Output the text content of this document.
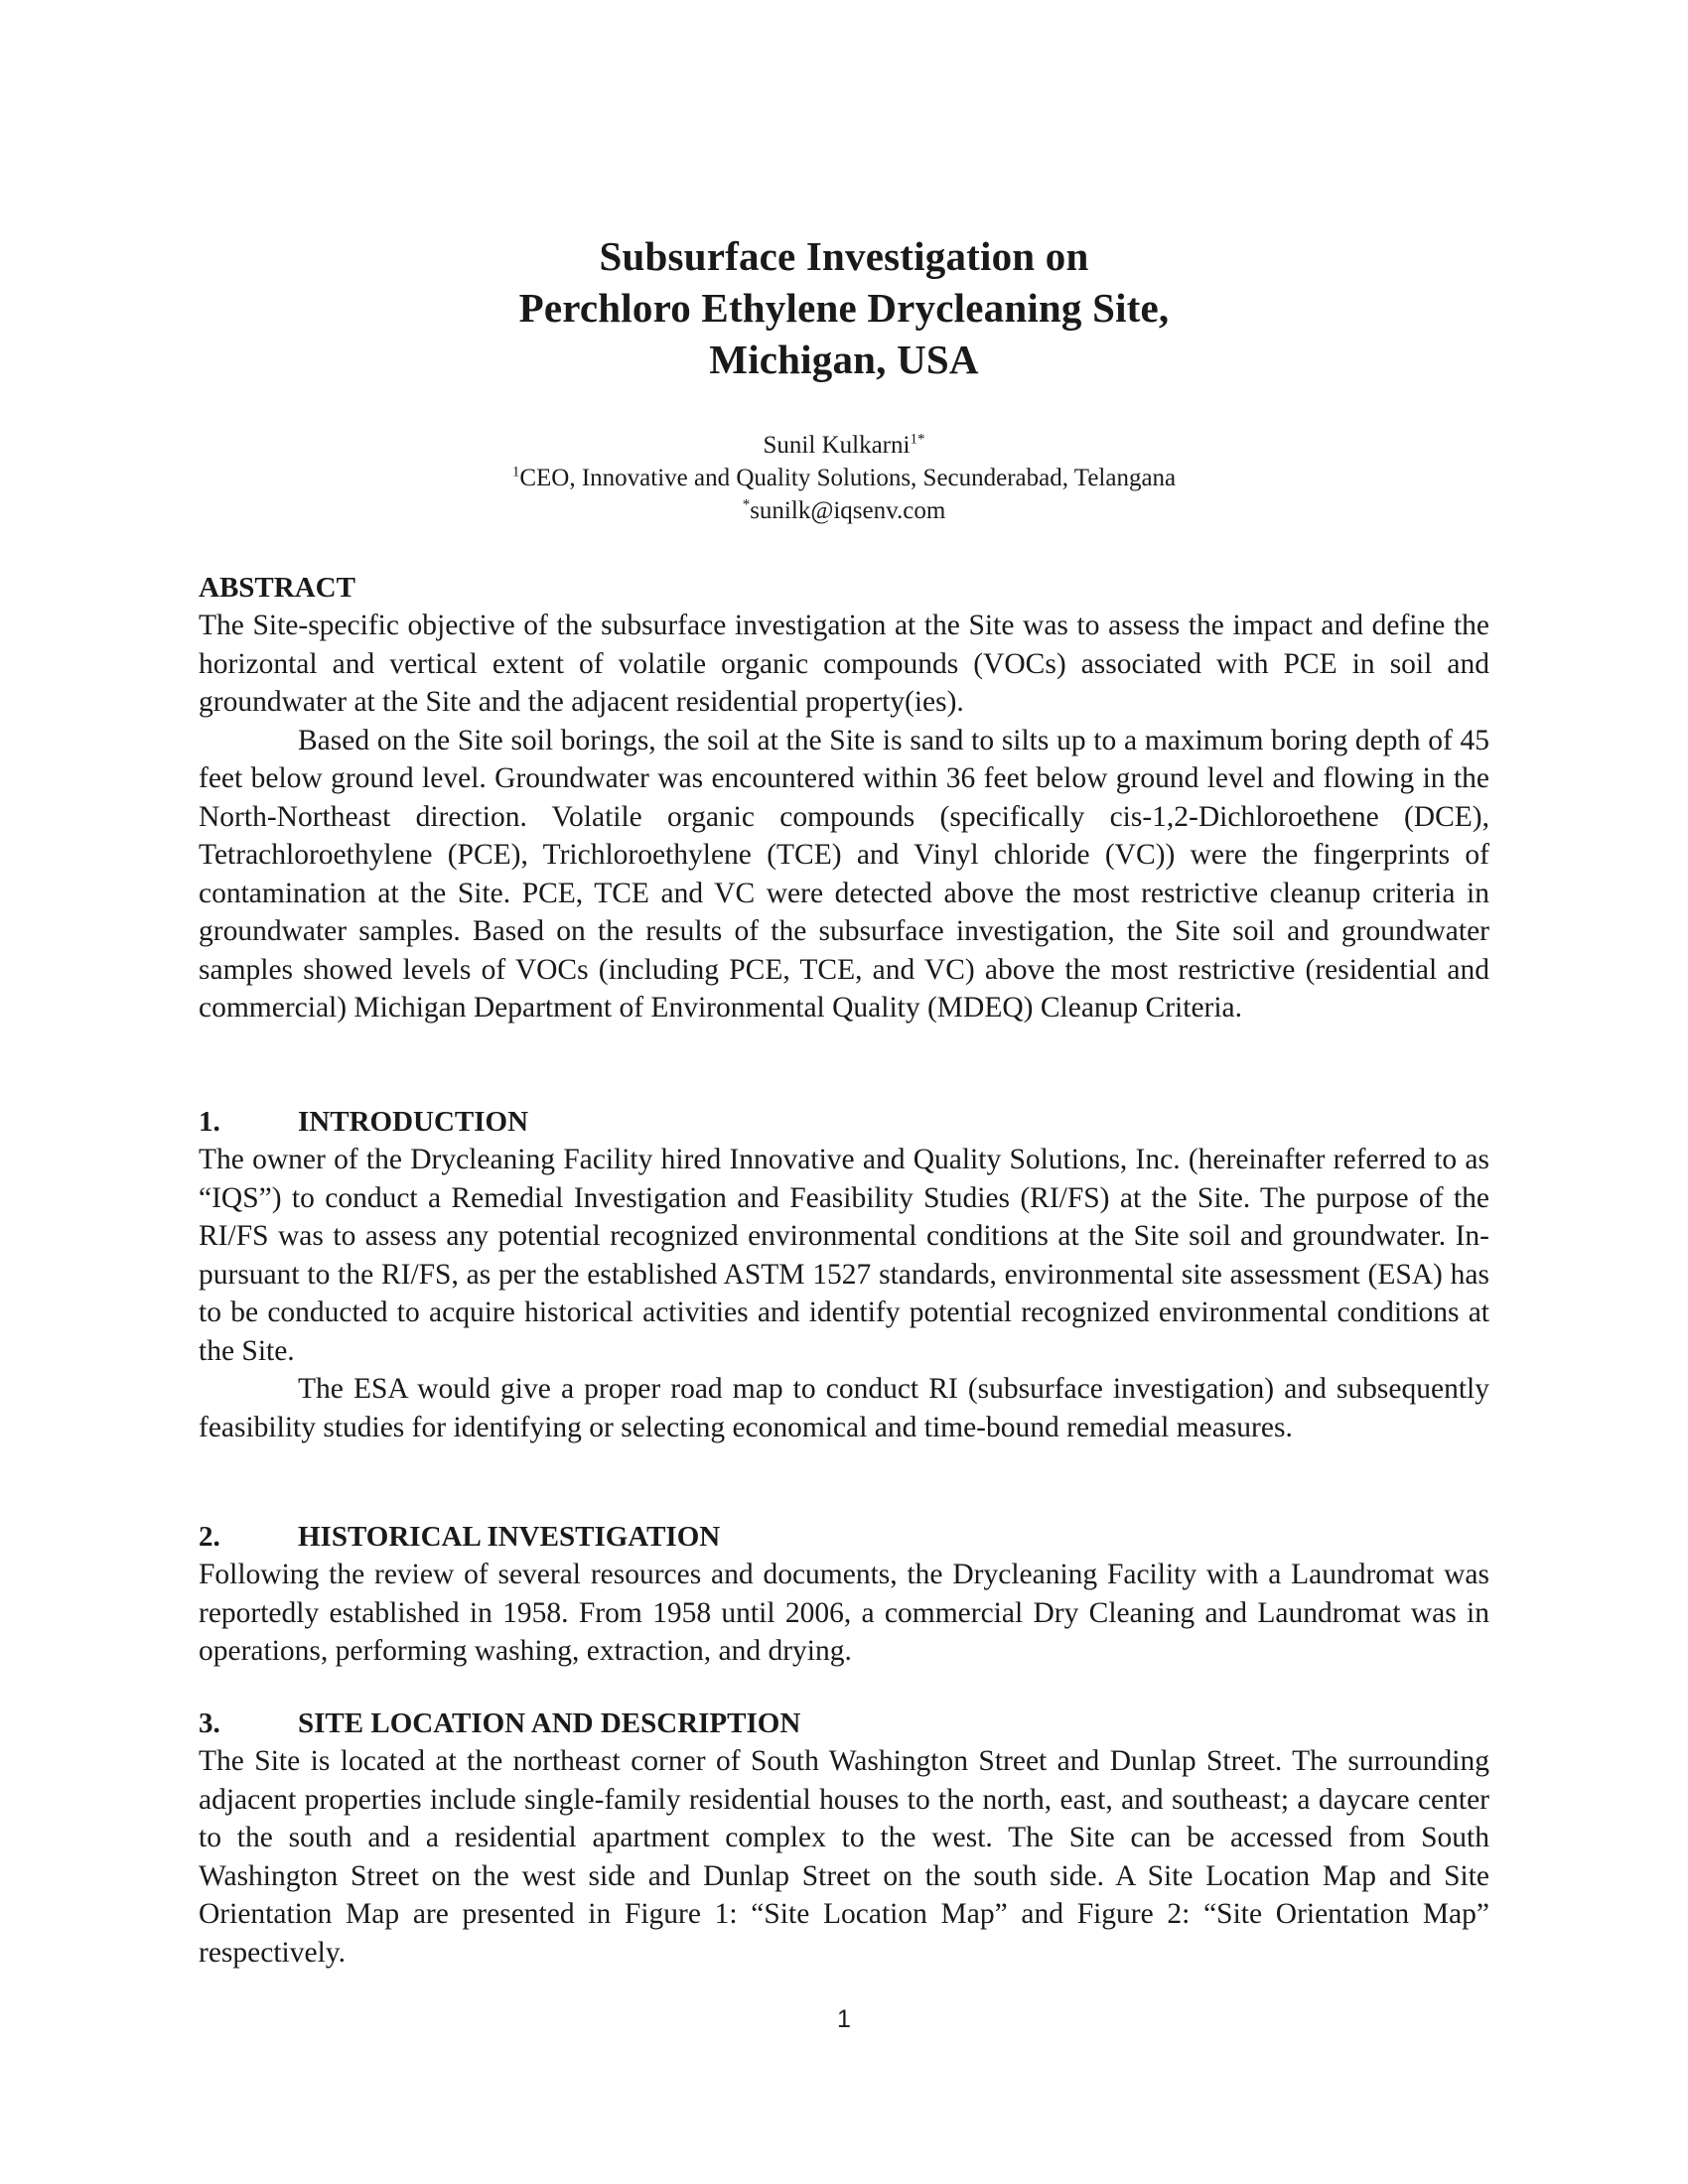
Subsurface Investigation on
Perchloro Ethylene Drycleaning Site,
Michigan, USA
Sunil Kulkarni$^{1*}$
$^1$CEO, Innovative and Quality Solutions, Secunderabad, Telangana
*sunilk@iqsenv.com
ABSTRACT

The Site-specific objective of the subsurface investigation at the Site was to assess the impact and define the horizontal and vertical extent of volatile organic compounds (VOCs) associated with PCE in soil and groundwater at the Site and the adjacent residential property(ies).

Based on the Site soil borings, the soil at the Site is sand to silts up to a maximum boring depth of 45 feet below ground level. Groundwater was encountered within 36 feet below ground level and flowing in the North-Northeast direction. Volatile organic compounds (specifically cis-1,2-Dichloroethene (DCE), Tetrachloroethylene (PCE), Trichloroethylene (TCE) and Vinyl chloride (VC)) were the fingerprints of contamination at the Site. PCE, TCE and VC were detected above the most restrictive cleanup criteria in groundwater samples. Based on the results of the subsurface investigation, the Site soil and groundwater samples showed levels of VOCs (including PCE, TCE, and VC) above the most restrictive (residential and commercial) Michigan Department of Environmental Quality (MDEQ) Cleanup Criteria.

1.	INTRODUCTION

The owner of the Drycleaning Facility hired Innovative and Quality Solutions, Inc. (hereinafter referred to as “IQS”) to conduct a Remedial Investigation and Feasibility Studies (RI/FS) at the Site. The purpose of the RI/FS was to assess any potential recognized environmental conditions at the Site soil and groundwater. In-pursuant to the RI/FS, as per the established ASTM 1527 standards, environmental site assessment (ESA) has to be conducted to acquire historical activities and identify potential recognized environmental conditions at the Site.

The ESA would give a proper road map to conduct RI (subsurface investigation) and subsequently feasibility studies for identifying or selecting economical and time-bound remedial measures.

2.	HISTORICAL INVESTIGATION

Following the review of several resources and documents, the Drycleaning Facility with a Laundromat was reportedly established in 1958. From 1958 until 2006, a commercial Dry Cleaning and Laundromat was in operations, performing washing, extraction, and drying.

3.	SITE LOCATION AND DESCRIPTION

The Site is located at the northeast corner of South Washington Street and Dunlap Street. The surrounding adjacent properties include single-family residential houses to the north, east, and southeast; a daycare center to the south and a residential apartment complex to the west. The Site can be accessed from South Washington Street on the west side and Dunlap Street on the south side. A Site Location Map and Site Orientation Map are presented in Figure 1: “Site Location Map” and Figure 2: “Site Orientation Map” respectively.

1
